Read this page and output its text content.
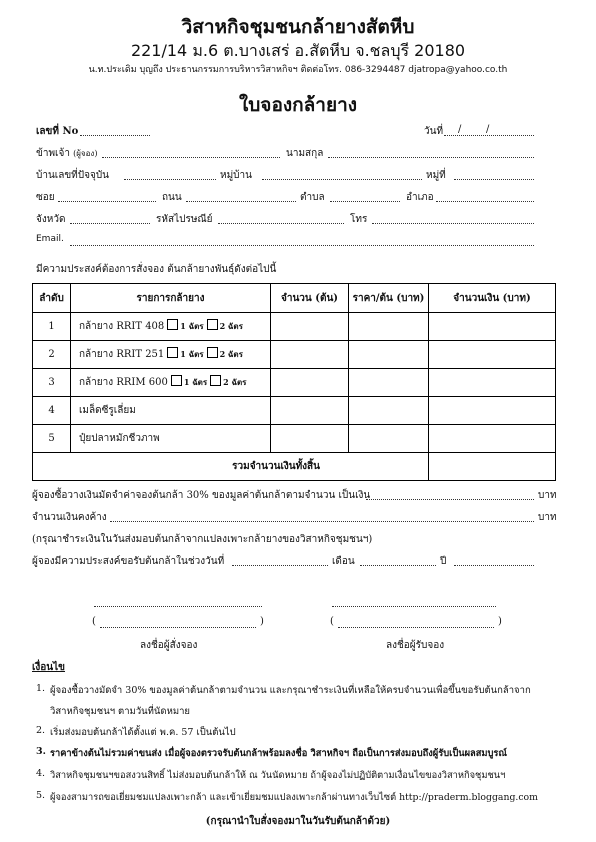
วิสาหกิจชุมชนกล้ายางสัตหีบ
221/14 ม.6 ต.บางเสร่ อ.สัตหีบ จ.ชลบุรี 20180
น.ท.ประเดิม บุญถึง ประธานกรรมการบริหารวิสาหกิจฯ ติดต่อโทร. 086-3294487 djatropa@yahoo.co.th
ใบจองกล้ายาง
เลขที่ No	วันที่ / /
ข้าพเจ้า (ผู้จอง)	นามสกุล
บ้านเลขที่ปัจจุบัน	หมู่บ้าน	หมู่ที่
ซอย	ถนน	ตำบล	อำเภอ
จังหวัด	รหัสไปรษณีย์	โทร
Email.
มีความประสงค์ต้องการสั่งจอง ต้นกล้ายางพันธุ์ดังต่อไปนี้
ลำดับ	รายการกล้ายาง	จำนวน (ต้น)	ราคา/ต้น (บาท)	จำนวนเงิน (บาท)
1	กล้ายาง RRIT 408 1 ฉัตร 2 ฉัตร			
2	กล้ายาง RRIT 251 1 ฉัตร 2 ฉัตร			
3	กล้ายาง RRIM 600 1 ฉัตร 2 ฉัตร			
4	เมล็ดซีรูเลี่ยม			
5	ปุ๋ยปลาหมักชีวภาพ			
รวมจำนวนเงินทั้งสิ้น				
ผู้จองซื้อวางเงินมัดจำค่าจองต้นกล้า 30% ของมูลค่าต้นกล้าตามจำนวน เป็นเงิน	บาท
จำนวนเงินคงค้าง	บาท
(กรุณาชำระเงินในวันส่งมอบต้นกล้าจากแปลงเพาะกล้ายางของวิสาหกิจชุมชนฯ)
ผู้จองมีความประสงค์ขอรับต้นกล้าในช่วงวันที่	เดือน	ปี
(	)
ลงชื่อผู้สั่งจอง
(	)
ลงชื่อผู้รับจอง
เงื่อนไข
1. ผู้จองซื้อวางมัดจำ 30% ของมูลค่าต้นกล้าตามจำนวน และกรุณาชำระเงินที่เหลือให้ครบจำนวนเพื่อขึ้นขอรับต้นกล้าจาก
วิสาหกิจชุมชนฯ ตามวันที่นัดหมาย
2. เริ่มส่งมอบต้นกล้าได้ตั้งแต่ พ.ค. 57 เป็นต้นไป
3. ราคาข้างต้นไม่รวมค่าขนส่ง เมื่อผู้จองตรวจรับต้นกล้าพร้อมลงชื่อ วิสาหกิจฯ ถือเป็นการส่งมอบถึงผู้รับเป็นผลสมบูรณ์
4. วิสาหกิจชุมชนฯขอสงวนสิทธิ์ ไม่ส่งมอบต้นกล้าให้ ณ วันนัดหมาย ถ้าผู้จองไม่ปฏิบัติตามเงื่อนไขของวิสาหกิจชุมชนฯ
5. ผู้จองสามารถขอเยี่ยมชมแปลงเพาะกล้า และเข้าเยี่ยมชมแปลงเพาะกล้าผ่านทางเว็บไซต์ http://praderm.bloggang.com
(กรุณานำใบสั่งจองมาในวันรับต้นกล้าด้วย)
